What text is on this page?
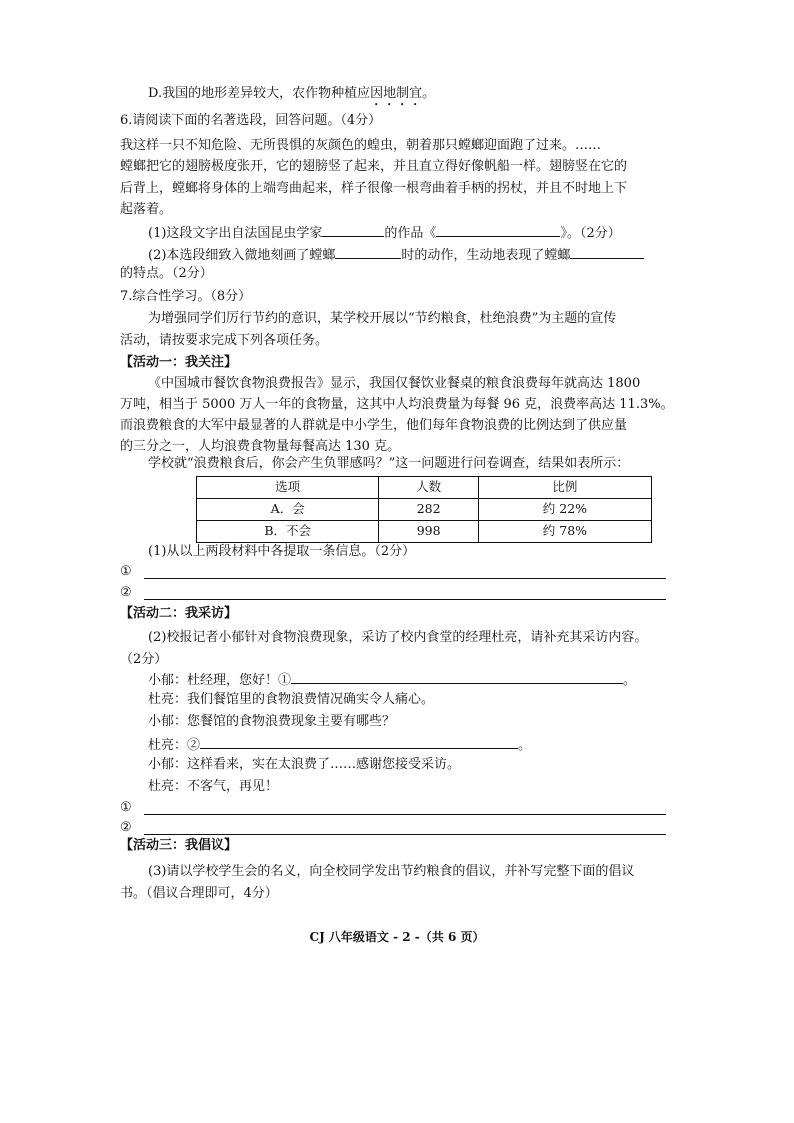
D.我国的地形差异较大，农作物种植应因地制宜。
6.请阅读下面的名著选段，回答问题。（4分）
我这样一只不知危险、无所畏惧的灰颜色的蝗虫，朝着那只螳螂迎面跑了过来。……
螳螂把它的翅膀极度张开，它的翅膀竖了起来，并且直立得好像帆船一样。翅膀竖在它的
后背上，螳螂将身体的上端弯曲起来，样子很像一根弯曲着手柄的拐杖，并且不时地上下
起落着。
(1)这段文字出自法国昆虫学家	的作品《	》。（2分）
(2)本选段细致入微地刻画了螳螂	时的动作，生动地表现了螳螂
的特点。（2分）
7.综合性学习。（8分）
为增强同学们厉行节约的意识，某学校开展以“节约粮食，杜绝浪费”为主题的宣传
活动，请按要求完成下列各项任务。
【活动一：我关注】
《中国城市餐饮食物浪费报告》显示，我国仅餐饮业餐桌的粮食浪费每年就高达 1800
万吨，相当于 5000 万人一年的食物量，这其中人均浪费量为每餐 96 克，浪费率高达 11.3%。
而浪费粮食的大军中最显著的人群就是中小学生，他们每年食物浪费的比例达到了供应量
的三分之一，人均浪费食物量每餐高达 130 克。
学校就“浪费粮食后，你会产生负罪感吗？”这一问题进行问卷调查，结果如表所示：
选项	人数	比例
A．会	282	约 22%
B．不会	998	约 78%
(1)从以上两段材料中各提取一条信息。（2分）
①
②
【活动二：我采访】
(2)校报记者小郁针对食物浪费现象，采访了校内食堂的经理杜亮，请补充其采访内容。
（2分）
小郁：杜经理，您好！①	。
杜亮：我们餐馆里的食物浪费情况确实令人痛心。
小郁：您餐馆的食物浪费现象主要有哪些？
杜亮：②	。
小郁：这样看来，实在太浪费了……感谢您接受采访。
杜亮：不客气，再见！
①
②
【活动三：我倡议】
(3)请以学校学生会的名义，向全校同学发出节约粮食的倡议，并补写完整下面的倡议
书。（倡议合理即可，4分）
CJ 八年级语文 - 2 -（共 6 页）
